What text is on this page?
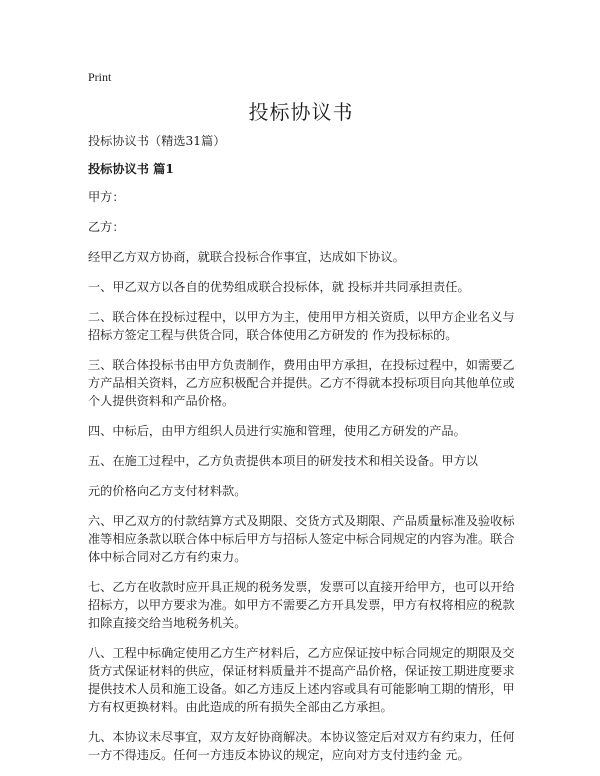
Print
投标协议书

投标协议书（精选31篇）

投标协议书 篇1

甲方：

乙方：

经甲乙方双方协商，就联合投标合作事宜，达成如下协议。

一、甲乙双方以各自的优势组成联合投标体，就 投标并共同承担责任。

二、联合体在投标过程中，以甲方为主，使用甲方相关资质，以甲方企业名义与招标方签定工程与供货合同，联合体使用乙方研发的 作为投标标的。

三、联合体投标书由甲方负责制作，费用由甲方承担，在投标过程中，如需要乙方产品相关资料，乙方应积极配合并提供。乙方不得就本投标项目向其他单位或个人提供资料和产品价格。

四、中标后，由甲方组织人员进行实施和管理，使用乙方研发的产品。

五、在施工过程中，乙方负责提供本项目的研发技术和相关设备。甲方以

元的价格向乙方支付材料款。

六、甲乙双方的付款结算方式及期限、交货方式及期限、产品质量标准及验收标准等相应条款以联合体中标后甲方与招标人签定中标合同规定的内容为准。联合体中标合同对乙方有约束力。

七、乙方在收款时应开具正规的税务发票，发票可以直接开给甲方，也可以开给招标方，以甲方要求为准。如甲方不需要乙方开具发票，甲方有权将相应的税款扣除直接交给当地税务机关。

八、工程中标确定使用乙方生产材料后，乙方应保证按中标合同规定的期限及交货方式保证材料的供应，保证材料质量并不提高产品价格，保证按工期进度要求提供技术人员和施工设备。如乙方违反上述内容或具有可能影响工期的情形，甲方有权更换材料。由此造成的所有损失全部由乙方承担。

九、本协议未尽事宜，双方友好协商解决。本协议签定后对双方有约束力，任何一方不得违反。任何一方违反本协议的规定，应向对方支付违约金 元。
